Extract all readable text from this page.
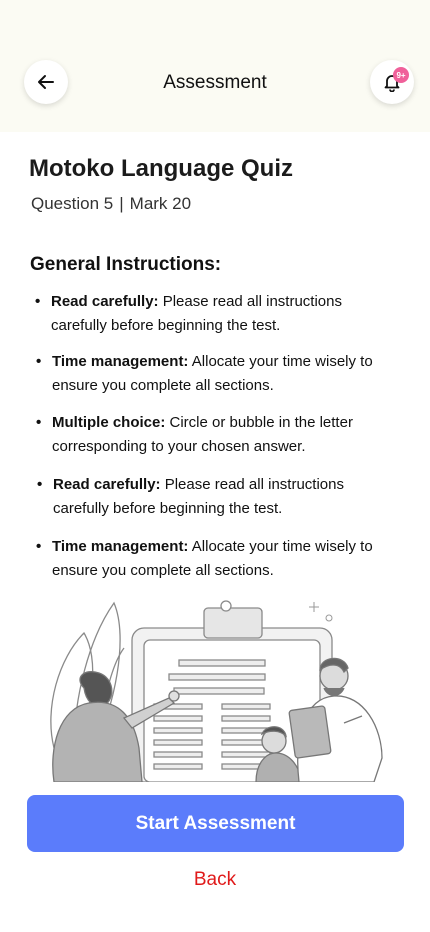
Assessment	9+
Motoko Language Quiz
Question 5 | Mark 20
General Instructions:
• Read carefully: Please read all instructions carefully before beginning the test.
• Time management: Allocate your time wisely to ensure you complete all sections.
• Multiple choice: Circle or bubble in the letter corresponding to your chosen answer.
• Read carefully: Please read all instructions carefully before beginning the test.
• Time management: Allocate your time wisely to ensure you complete all sections.
Start Assessment
Back
